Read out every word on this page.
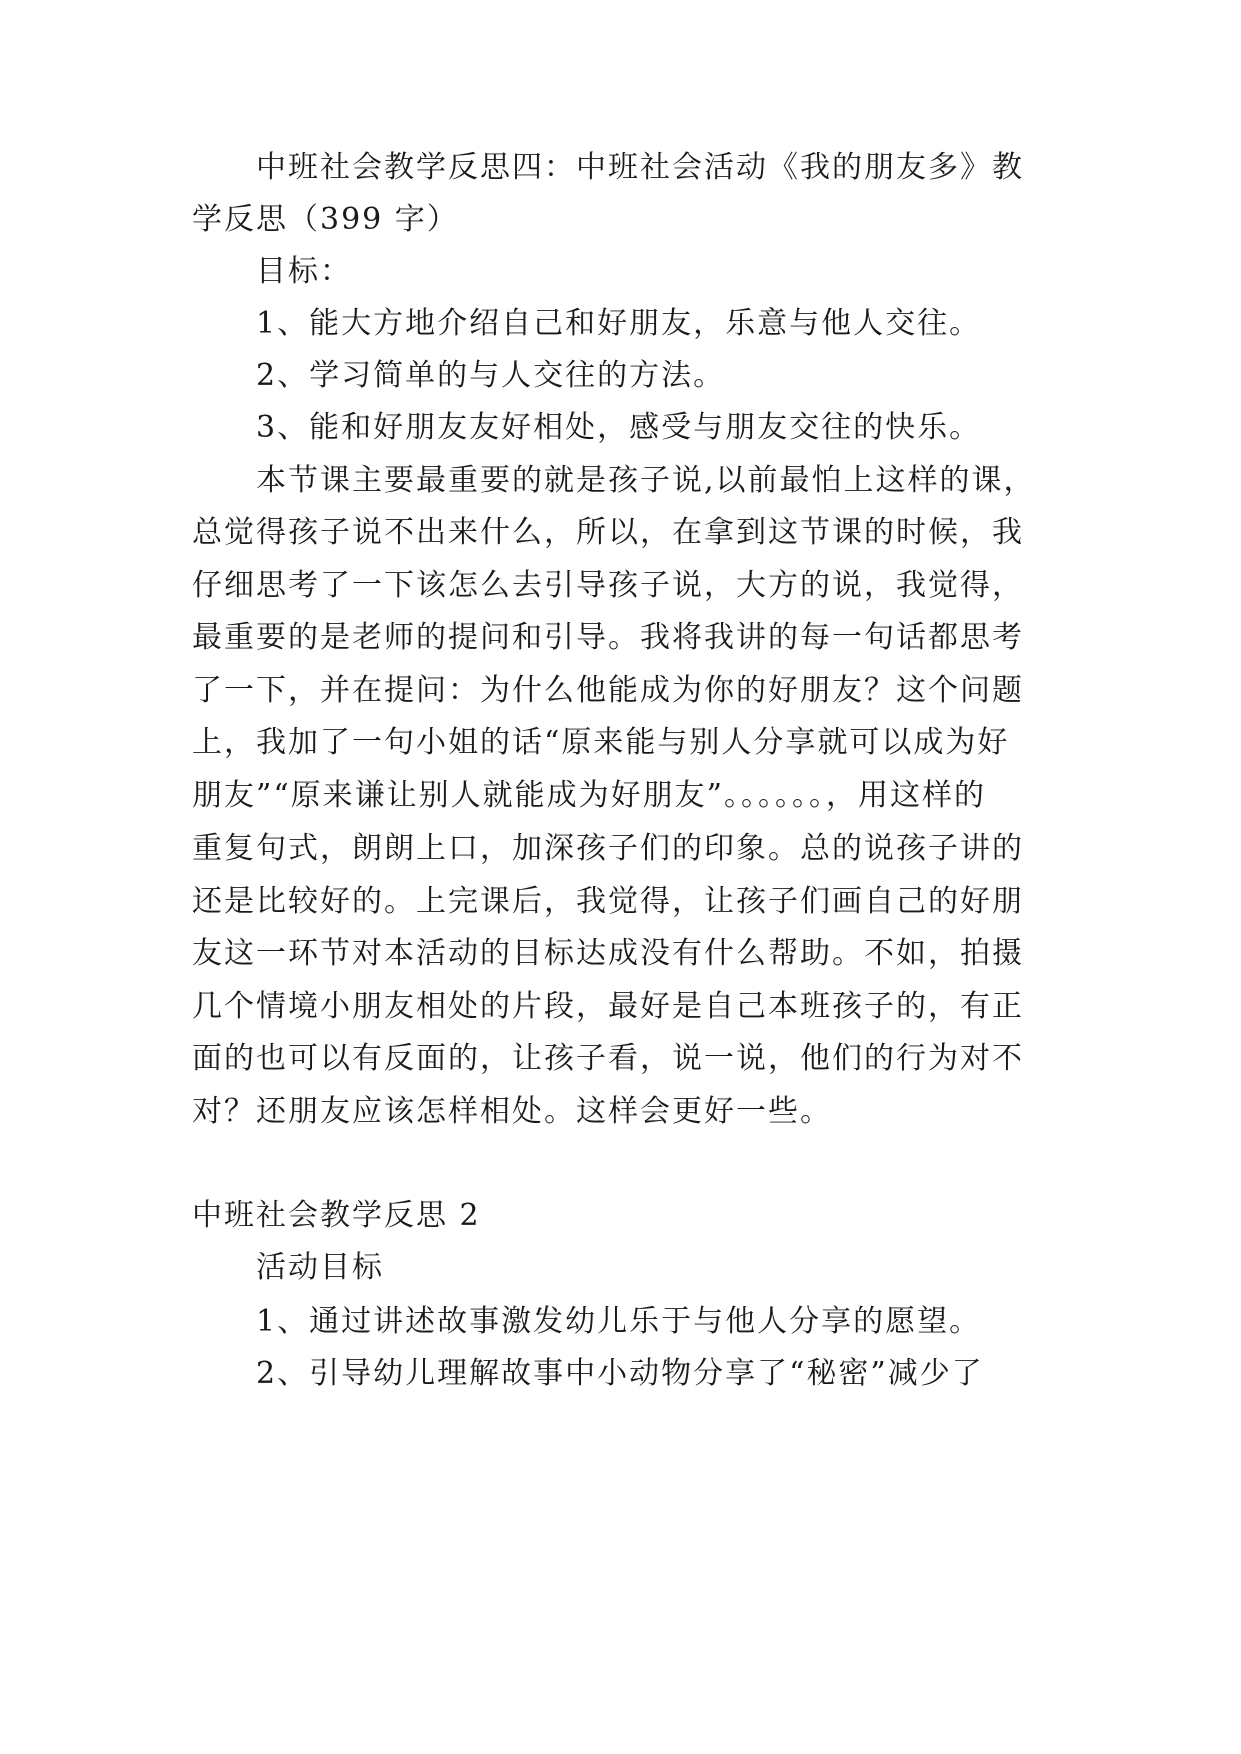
中班社会教学反思四：中班社会活动《我的朋友多》教
学反思（399 字）
目标：
1、能大方地介绍自己和好朋友，乐意与他人交往。
2、学习简单的与人交往的方法。
3、能和好朋友友好相处，感受与朋友交往的快乐。
本节课主要最重要的就是孩子说,以前最怕上这样的课，
总觉得孩子说不出来什么，所以，在拿到这节课的时候，我
仔细思考了一下该怎么去引导孩子说，大方的说，我觉得，
最重要的是老师的提问和引导。我将我讲的每一句话都思考
了一下，并在提问：为什么他能成为你的好朋友？这个问题
上，我加了一句小姐的话“原来能与别人分享就可以成为好
朋友”“原来谦让别人就能成为好朋友”。。。。。。，用这样的
重复句式，朗朗上口，加深孩子们的印象。总的说孩子讲的
还是比较好的。上完课后，我觉得，让孩子们画自己的好朋
友这一环节对本活动的目标达成没有什么帮助。不如，拍摄
几个情境小朋友相处的片段，最好是自己本班孩子的，有正
面的也可以有反面的，让孩子看，说一说，他们的行为对不
对？还朋友应该怎样相处。这样会更好一些。
中班社会教学反思 2
活动目标
1、通过讲述故事激发幼儿乐于与他人分享的愿望。
2、引导幼儿理解故事中小动物分享了“秘密”减少了
